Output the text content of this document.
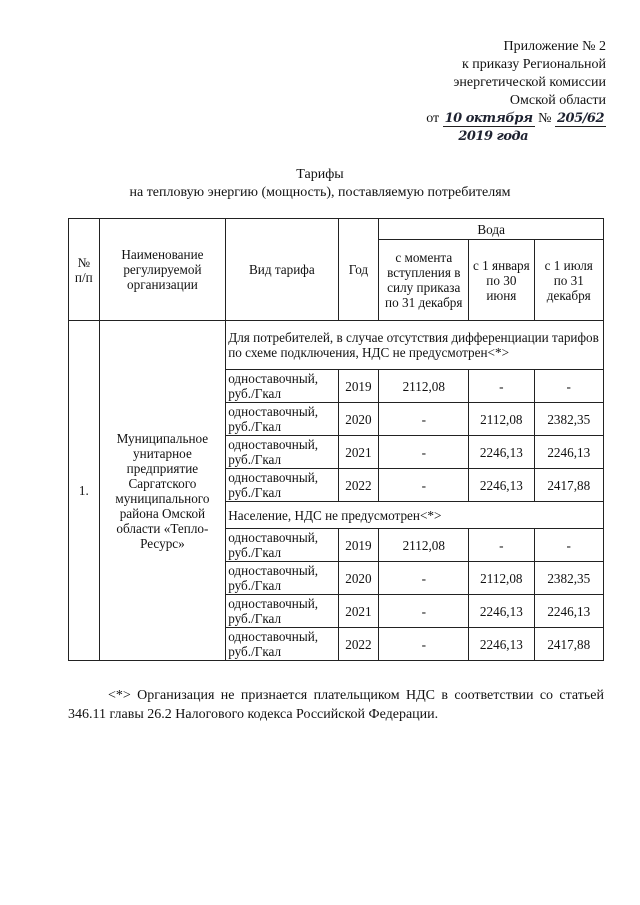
Приложение № 2
к приказу Региональной
энергетической комиссии
Омской области
от 10 октября № 205/62
2019 года
Тарифы
на тепловую энергию (мощность), поставляемую потребителям
№ п/п	Наименование регулируемой организации	Вид тарифа	Год	Вода		
				с момента вступления в силу приказа по 31 декабря	с 1 января по 30 июня	с 1 июля по 31 декабря
1.	Муниципальное унитарное предприятие Саргатского муниципального района Омской области «Тепло-Ресурс»	Для потребителей, в случае отсутствия дифференциации тарифов по схеме подключения, НДС не предусмотрен<*>				
		одноставочный, руб./Гкал	2019	2112,08	-	-
		одноставочный, руб./Гкал	2020	-	2112,08	2382,35
		одноставочный, руб./Гкал	2021	-	2246,13	2246,13
		одноставочный, руб./Гкал	2022	-	2246,13	2417,88
		Население, НДС не предусмотрен<*>				
		одноставочный, руб./Гкал	2019	2112,08	-	-
		одноставочный, руб./Гкал	2020	-	2112,08	2382,35
		одноставочный, руб./Гкал	2021	-	2246,13	2246,13
		одноставочный, руб./Гкал	2022	-	2246,13	2417,88
<*> Организация не признается плательщиком НДС в соответствии со статьей 346.11 главы 26.2 Налогового кодекса Российской Федерации.
